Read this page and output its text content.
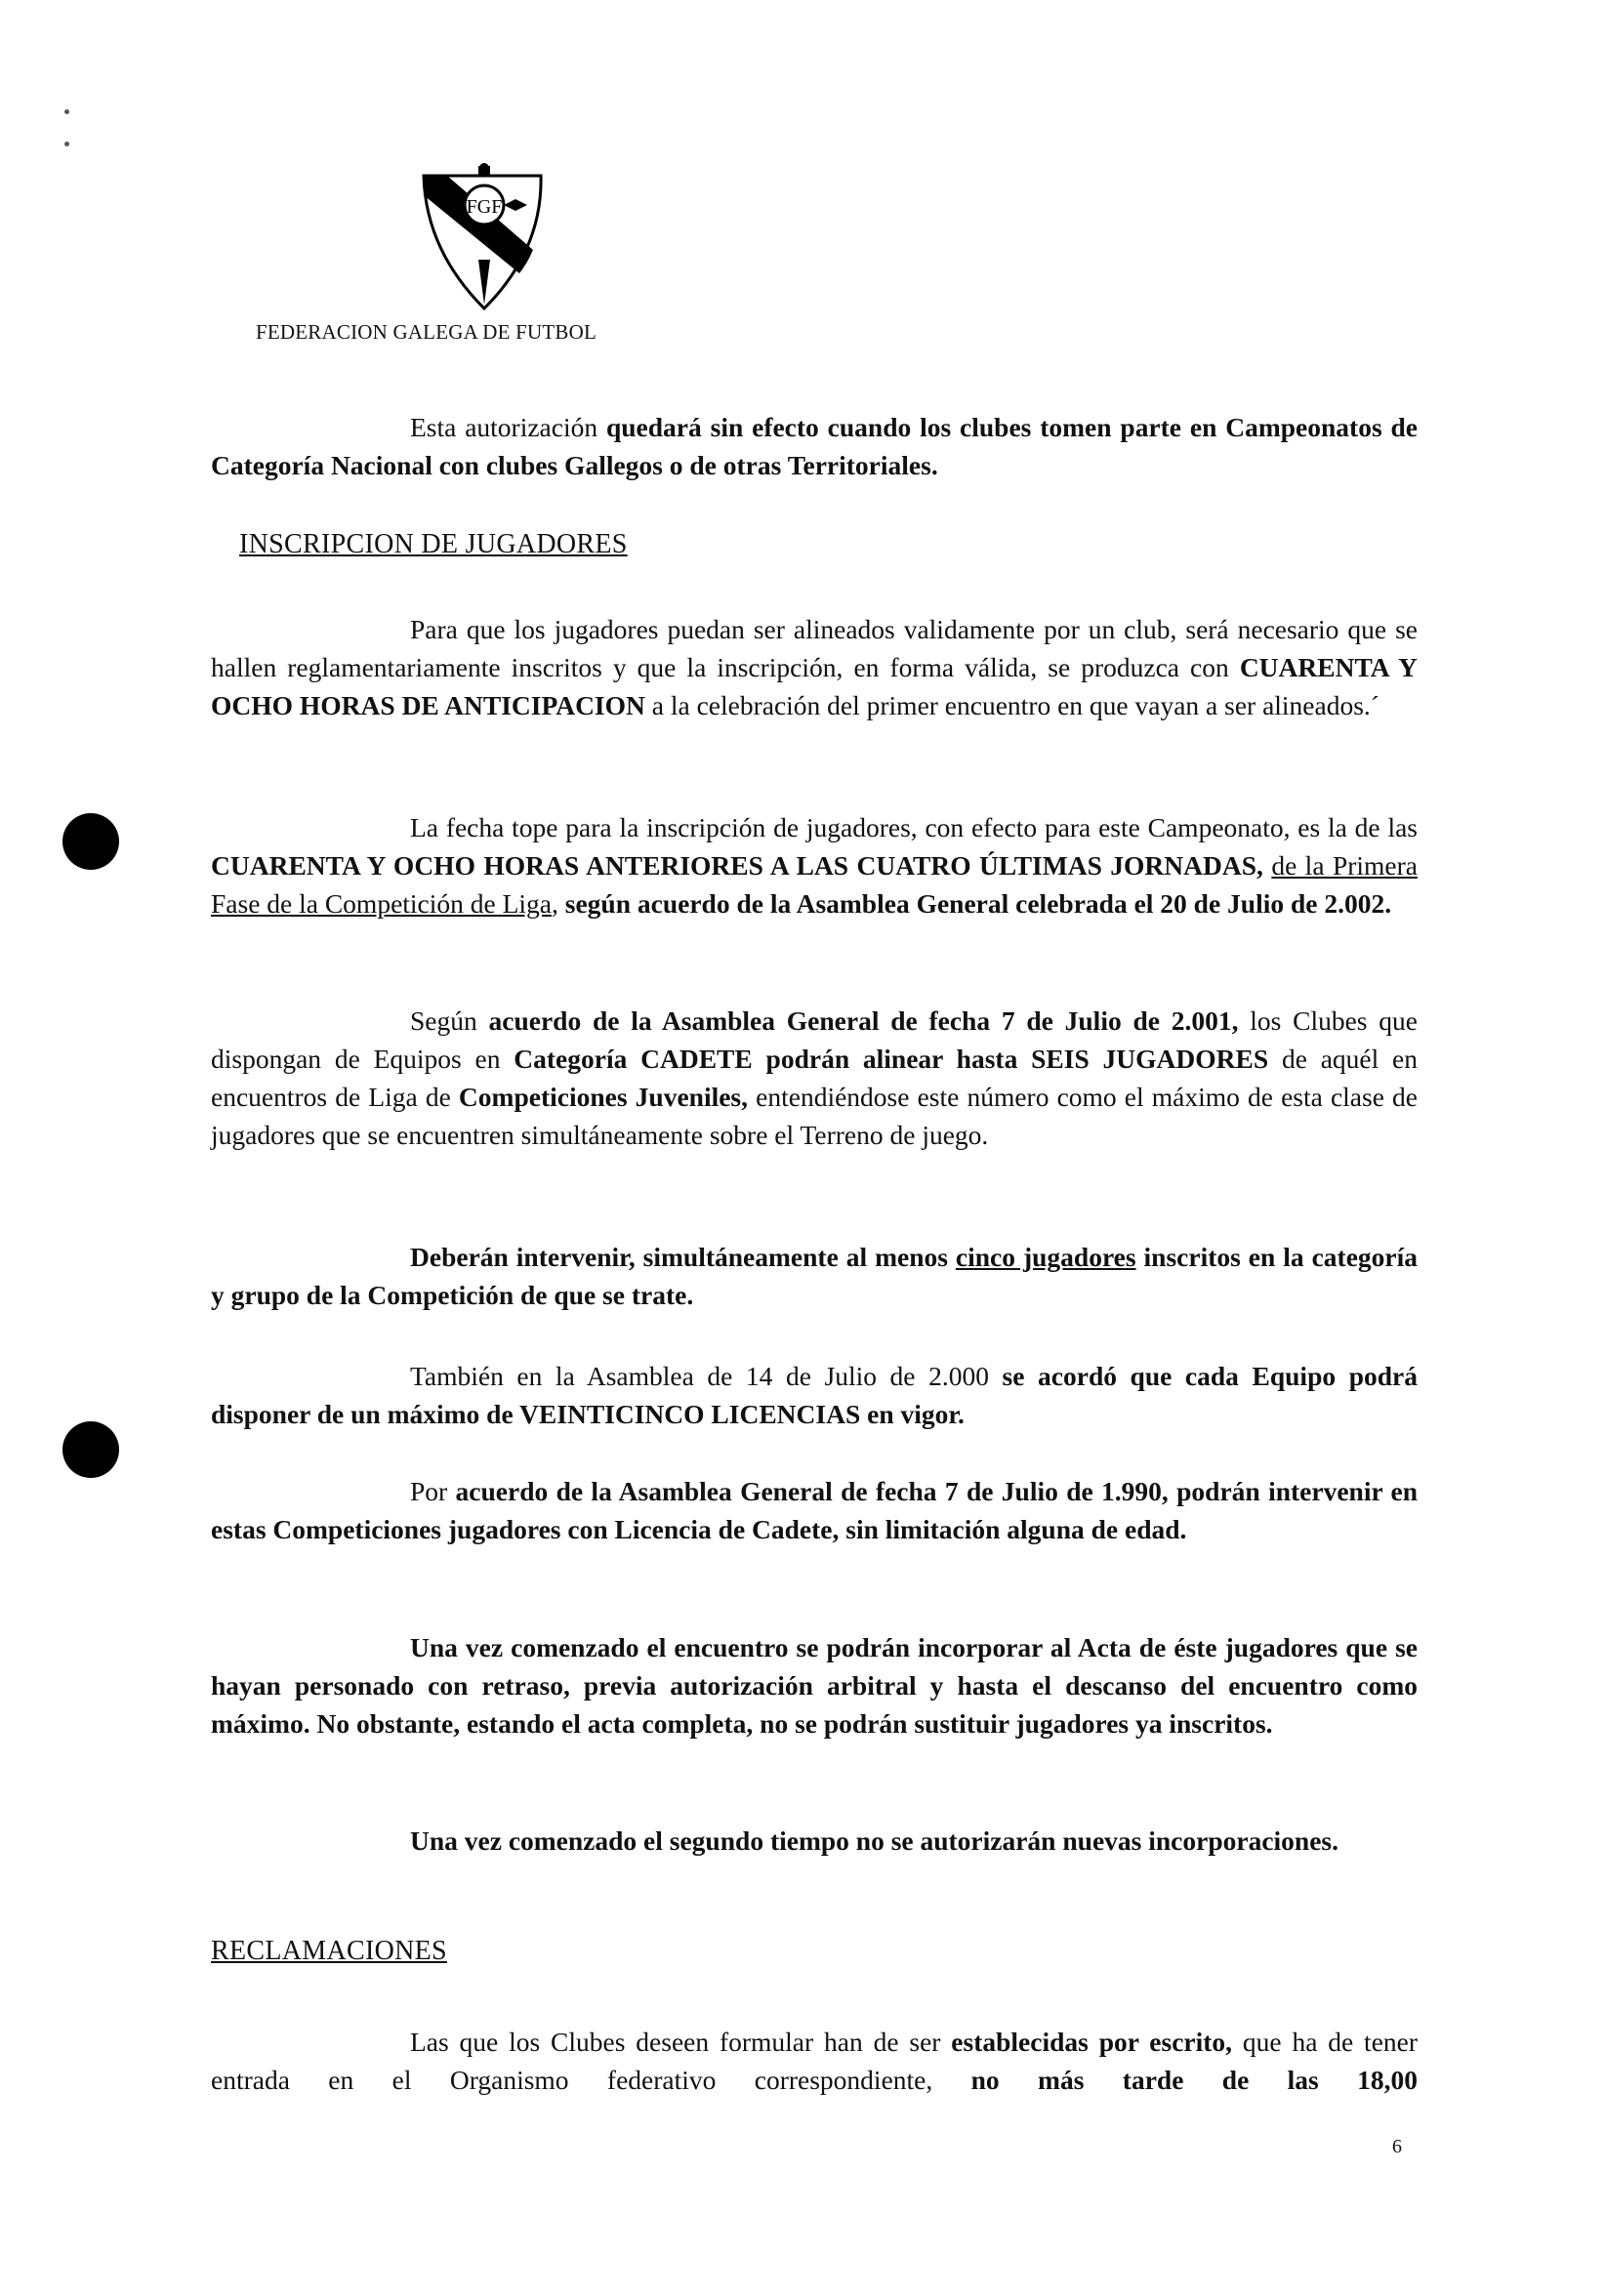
FGF
FEDERACION GALEGA DE FUTBOL
Esta autorización quedará sin efecto cuando los clubes tomen parte en Campeonatos de Categoría Nacional con clubes Gallegos o de otras Territoriales.
INSCRIPCION DE JUGADORES
Para que los jugadores puedan ser alineados validamente por un club, será necesario que se hallen reglamentariamente inscritos y que la inscripción, en forma válida, se produzca con CUARENTA Y OCHO HORAS DE ANTICIPACION a la celebración del primer encuentro en que vayan a ser alineados.´
La fecha tope para la inscripción de jugadores, con efecto para este Campeonato, es la de las CUARENTA Y OCHO HORAS ANTERIORES A LAS CUATRO ÚLTIMAS JORNADAS, de la Primera Fase de la Competición de Liga, según acuerdo de la Asamblea General celebrada el 20 de Julio de 2.002.
Según acuerdo de la Asamblea General de fecha 7 de Julio de 2.001, los Clubes que dispongan de Equipos en Categoría CADETE podrán alinear hasta SEIS JUGADORES de aquél en encuentros de Liga de Competiciones Juveniles, entendiéndose este número como el máximo de esta clase de jugadores que se encuentren simultáneamente sobre el Terreno de juego.
Deberán intervenir, simultáneamente al menos cinco jugadores inscritos en la categoría y grupo de la Competición de que se trate.
También en la Asamblea de 14 de Julio de 2.000 se acordó que cada Equipo podrá disponer de un máximo de VEINTICINCO LICENCIAS en vigor.
Por acuerdo de la Asamblea General de fecha 7 de Julio de 1.990, podrán intervenir en estas Competiciones jugadores con Licencia de Cadete, sin limitación alguna de edad.
Una vez comenzado el encuentro se podrán incorporar al Acta de éste jugadores que se hayan personado con retraso, previa autorización arbitral y hasta el descanso del encuentro como máximo. No obstante, estando el acta completa, no se podrán sustituir jugadores ya inscritos.
Una vez comenzado el segundo tiempo no se autorizarán nuevas incorporaciones.
RECLAMACIONES
Las que los Clubes deseen formular han de ser establecidas por escrito, que ha de tener entrada en el Organismo federativo correspondiente, no más tarde de las 18,00
6
